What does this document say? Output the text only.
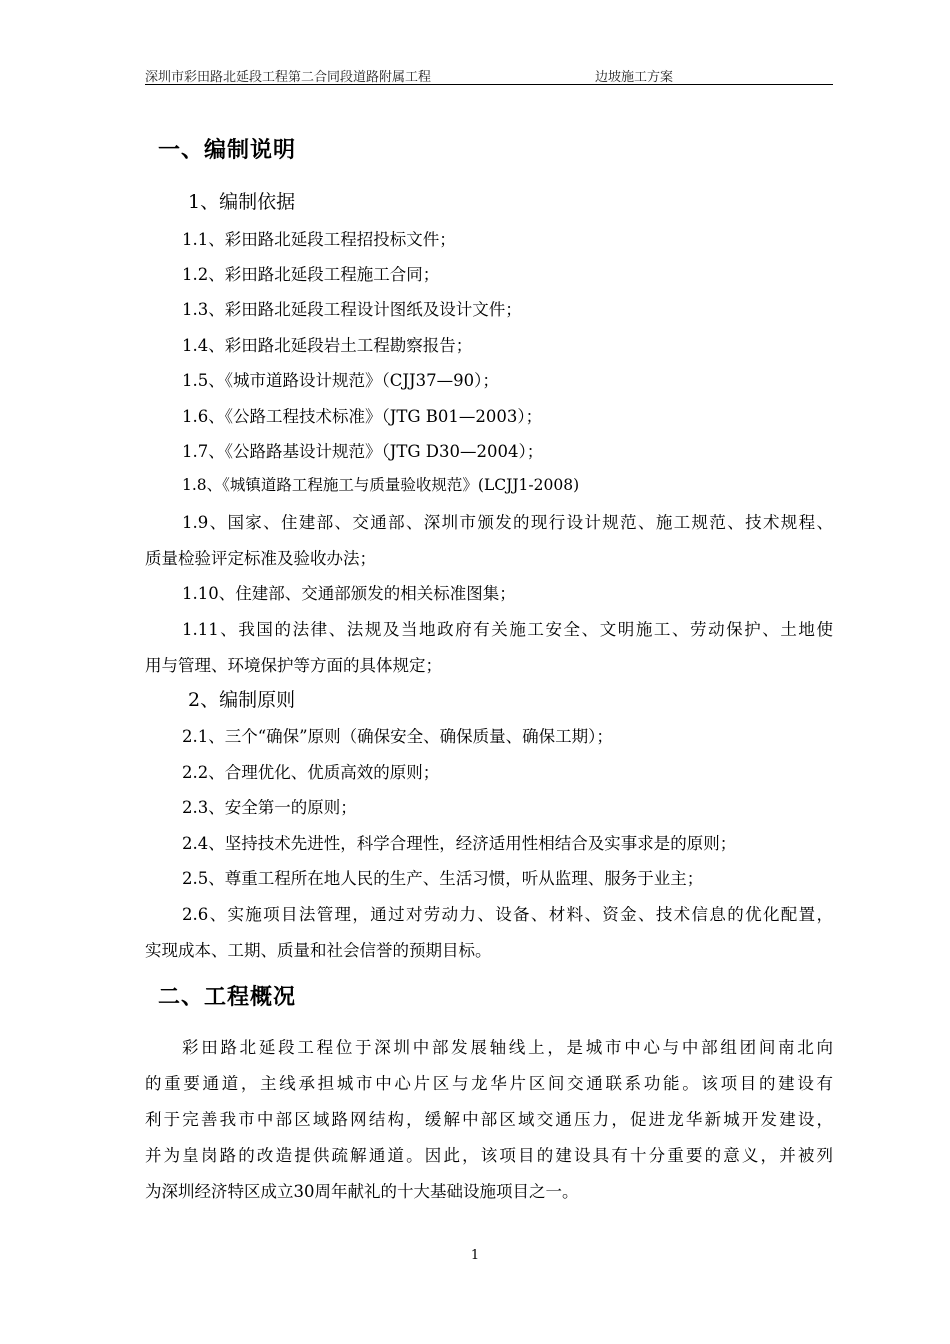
深圳市彩田路北延段工程第二合同段道路附属工程	边坡施工方案
一、编制说明
1、编制依据
1.1、彩田路北延段工程招投标文件；
1.2、彩田路北延段工程施工合同；
1.3、彩田路北延段工程设计图纸及设计文件；
1.4、彩田路北延段岩土工程勘察报告；
1.5、《城市道路设计规范》（CJJ37—90）；
1.6、《公路工程技术标准》（JTG B01—2003）；
1.7、《公路路基设计规范》（JTG D30—2004）；
1.8、《城镇道路工程施工与质量验收规范》(LCJJ1-2008)
1.9、国家、住建部、交通部、深圳市颁发的现行设计规范、施工规范、技术规程、
质量检验评定标准及验收办法；
1.10、住建部、交通部颁发的相关标准图集；
1.11、我国的法律、法规及当地政府有关施工安全、文明施工、劳动保护、土地使
用与管理、环境保护等方面的具体规定；
2、编制原则
2.1、三个“确保”原则（确保安全、确保质量、确保工期）；
2.2、合理优化、优质高效的原则；
2.3、安全第一的原则；
2.4、坚持技术先进性，科学合理性，经济适用性相结合及实事求是的原则；
2.5、尊重工程所在地人民的生产、生活习惯，听从监理、服务于业主；
2.6、实施项目法管理，通过对劳动力、设备、材料、资金、技术信息的优化配置，
实现成本、工期、质量和社会信誉的预期目标。
二、工程概况
彩田路北延段工程位于深圳中部发展轴线上，是城市中心与中部组团间南北向
的重要通道，主线承担城市中心片区与龙华片区间交通联系功能。该项目的建设有
利于完善我市中部区域路网结构，缓解中部区域交通压力，促进龙华新城开发建设，
并为皇岗路的改造提供疏解通道。因此，该项目的建设具有十分重要的意义，并被列
为深圳经济特区成立30周年献礼的十大基础设施项目之一。
1
